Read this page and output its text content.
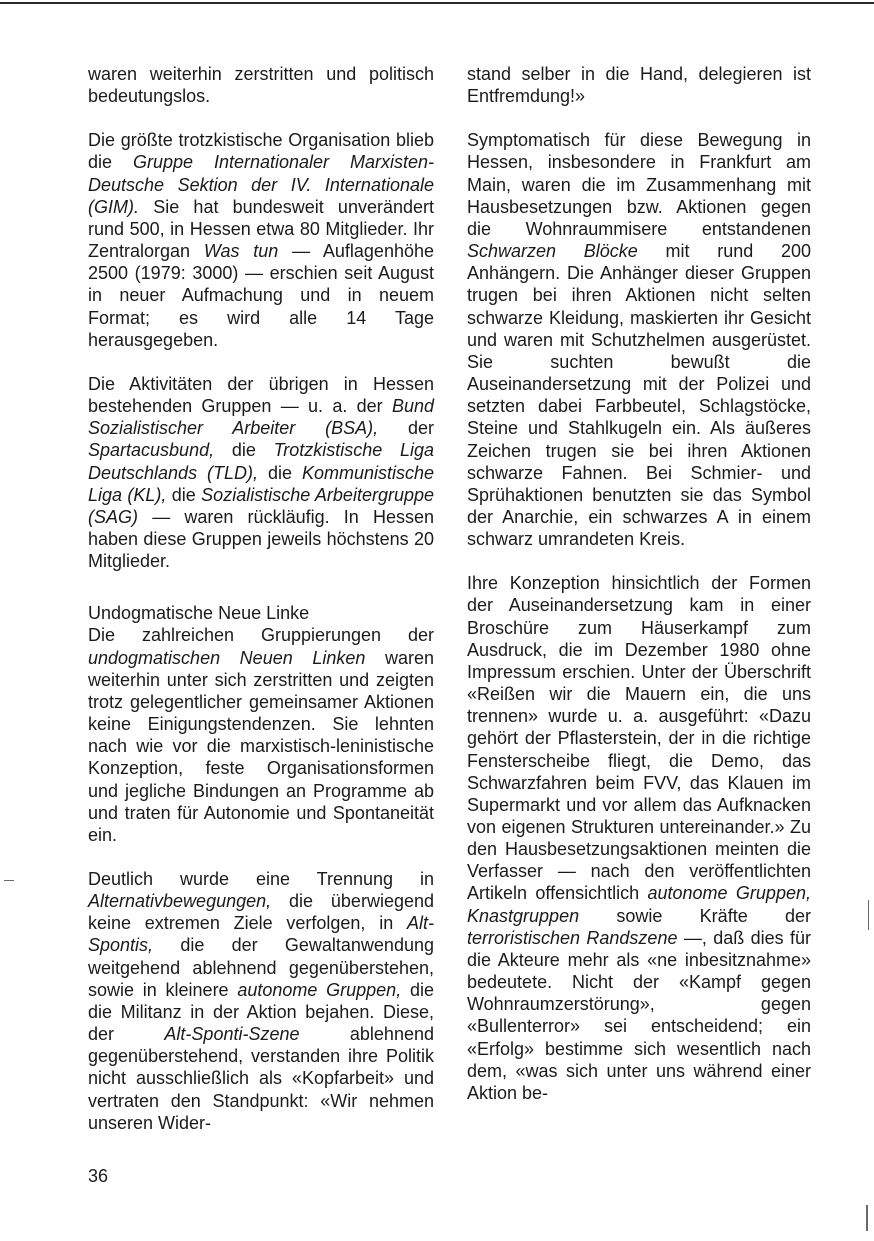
waren weiterhin zerstritten und politisch bedeutungslos.

Die größte trotzkistische Organisation blieb die Gruppe Internationaler Marxisten-Deutsche Sektion der IV. Internationale (GIM). Sie hat bundesweit unverändert rund 500, in Hessen etwa 80 Mitglieder. Ihr Zentralorgan Was tun — Auflagenhöhe 2500 (1979: 3000) — erschien seit August in neuer Aufmachung und in neuem Format; es wird alle 14 Tage herausgegeben.

Die Aktivitäten der übrigen in Hessen bestehenden Gruppen — u. a. der Bund Sozialistischer Arbeiter (BSA), der Spartacusbund, die Trotzkistische Liga Deutschlands (TLD), die Kommunistische Liga (KL), die Sozialistische Arbeitergruppe (SAG) — waren rückläufig. In Hessen haben diese Gruppen jeweils höchstens 20 Mitglieder.

Undogmatische Neue Linke

Die zahlreichen Gruppierungen der undogmatischen Neuen Linken waren weiterhin unter sich zerstritten und zeigten trotz gelegentlicher gemeinsamer Aktionen keine Einigungstendenzen. Sie lehnten nach wie vor die marxistisch-leninistische Konzeption, feste Organisationsformen und jegliche Bindungen an Programme ab und traten für Autonomie und Spontaneität ein.

Deutlich wurde eine Trennung in Alternativbewegungen, die überwiegend keine extremen Ziele verfolgen, in Alt-Spontis, die der Gewaltanwendung weitgehend ablehnend gegenüberstehen, sowie in kleinere autonome Gruppen, die die Militanz in der Aktion bejahen. Diese, der Alt-Sponti-Szene ablehnend gegenüberstehend, verstanden ihre Politik nicht ausschließlich als «Kopfarbeit» und vertraten den Standpunkt: «Wir nehmen unseren Wider-

stand selber in die Hand, delegieren ist Entfremdung!»

Symptomatisch für diese Bewegung in Hessen, insbesondere in Frankfurt am Main, waren die im Zusammenhang mit Hausbesetzungen bzw. Aktionen gegen die Wohnraummisere entstandenen Schwarzen Blöcke mit rund 200 Anhängern. Die Anhänger dieser Gruppen trugen bei ihren Aktionen nicht selten schwarze Kleidung, maskierten ihr Gesicht und waren mit Schutzhelmen ausgerüstet. Sie suchten bewußt die Auseinandersetzung mit der Polizei und setzten dabei Farbbeutel, Schlagstöcke, Steine und Stahlkugeln ein. Als äußeres Zeichen trugen sie bei ihren Aktionen schwarze Fahnen. Bei Schmier- und Sprühaktionen benutzten sie das Symbol der Anarchie, ein schwarzes A in einem schwarz umrandeten Kreis.

Ihre Konzeption hinsichtlich der Formen der Auseinandersetzung kam in einer Broschüre zum Häuserkampf zum Ausdruck, die im Dezember 1980 ohne Impressum erschien. Unter der Überschrift «Reißen wir die Mauern ein, die uns trennen» wurde u. a. ausgeführt: «Dazu gehört der Pflasterstein, der in die richtige Fensterscheibe fliegt, die Demo, das Schwarzfahren beim FVV, das Klauen im Supermarkt und vor allem das Aufknacken von eigenen Strukturen untereinander.» Zu den Hausbesetzungsaktionen meinten die Verfasser — nach den veröffentlichten Artikeln offensichtlich autonome Gruppen, Knastgruppen sowie Kräfte der terroristischen Randszene —, daß dies für die Akteure mehr als «ne inbesitznahme» bedeutete. Nicht der «Kampf gegen Wohnraumzerstörung», gegen «Bullenterror» sei entscheidend; ein «Erfolg» bestimme sich wesentlich nach dem, «was sich unter uns während einer Aktion be-

36
